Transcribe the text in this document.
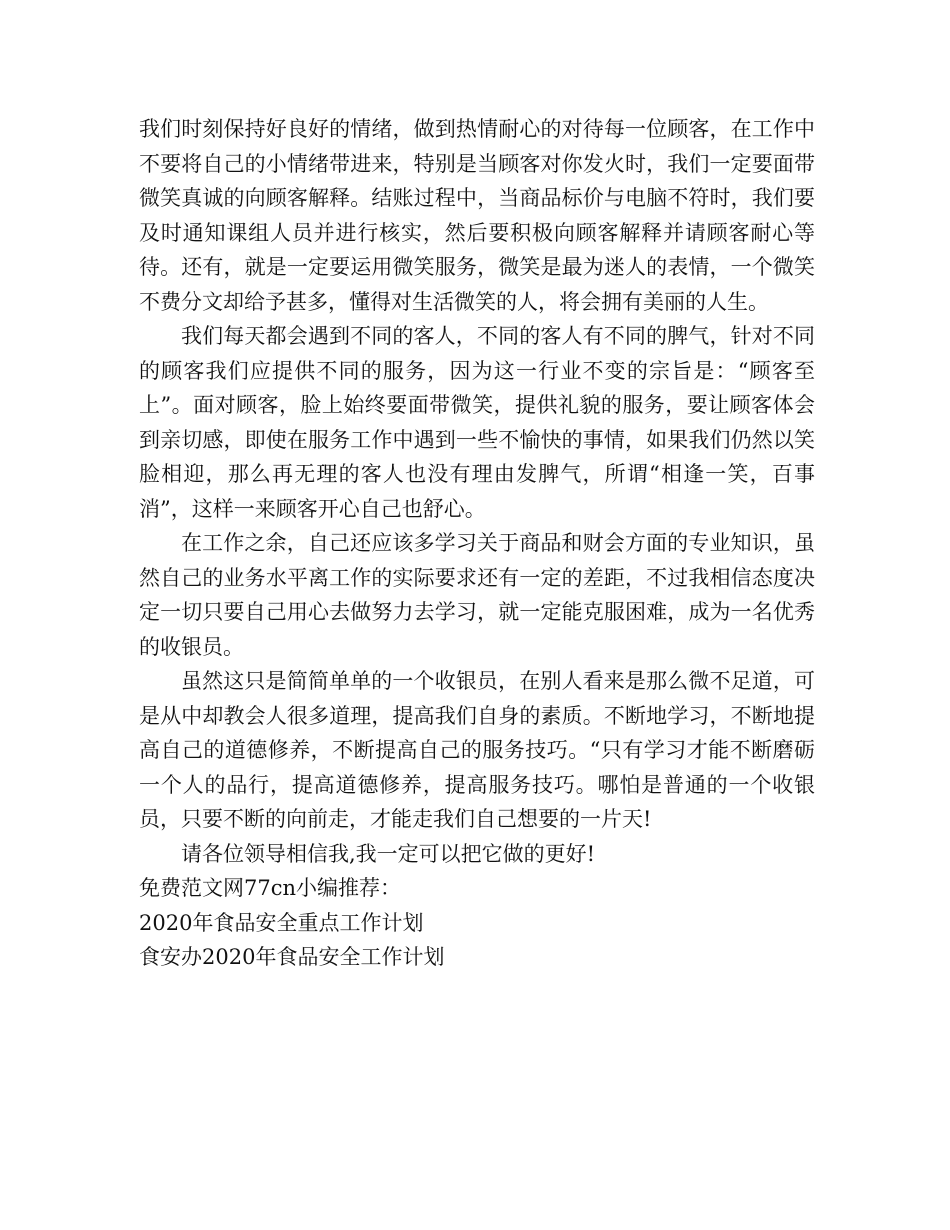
我们时刻保持好良好的情绪，做到热情耐心的对待每一位顾客，在工作中不要将自己的小情绪带进来，特别是当顾客对你发火时，我们一定要面带微笑真诚的向顾客解释。结账过程中，当商品标价与电脑不符时，我们要及时通知课组人员并进行核实，然后要积极向顾客解释并请顾客耐心等待。还有，就是一定要运用微笑服务，微笑是最为迷人的表情，一个微笑不费分文却给予甚多，懂得对生活微笑的人，将会拥有美丽的人生。

我们每天都会遇到不同的客人，不同的客人有不同的脾气，针对不同的顾客我们应提供不同的服务，因为这一行业不变的宗旨是：“顾客至上”。面对顾客，脸上始终要面带微笑，提供礼貌的服务，要让顾客体会到亲切感，即使在服务工作中遇到一些不愉快的事情，如果我们仍然以笑脸相迎，那么再无理的客人也没有理由发脾气，所谓“相逢一笑，百事消”，这样一来顾客开心自己也舒心。

在工作之余，自己还应该多学习关于商品和财会方面的专业知识，虽然自己的业务水平离工作的实际要求还有一定的差距，不过我相信态度决定一切只要自己用心去做努力去学习，就一定能克服困难，成为一名优秀的收银员。

虽然这只是简简单单的一个收银员，在别人看来是那么微不足道，可是从中却教会人很多道理，提高我们自身的素质。不断地学习，不断地提高自己的道德修养，不断提高自己的服务技巧。“只有学习才能不断磨砺一个人的品行，提高道德修养，提高服务技巧。哪怕是普通的一个收银员，只要不断的向前走，才能走我们自己想要的一片天!

请各位领导相信我,我一定可以把它做的更好!

免费范文网77cn小编推荐：

2020年食品安全重点工作计划

食安办2020年食品安全工作计划
